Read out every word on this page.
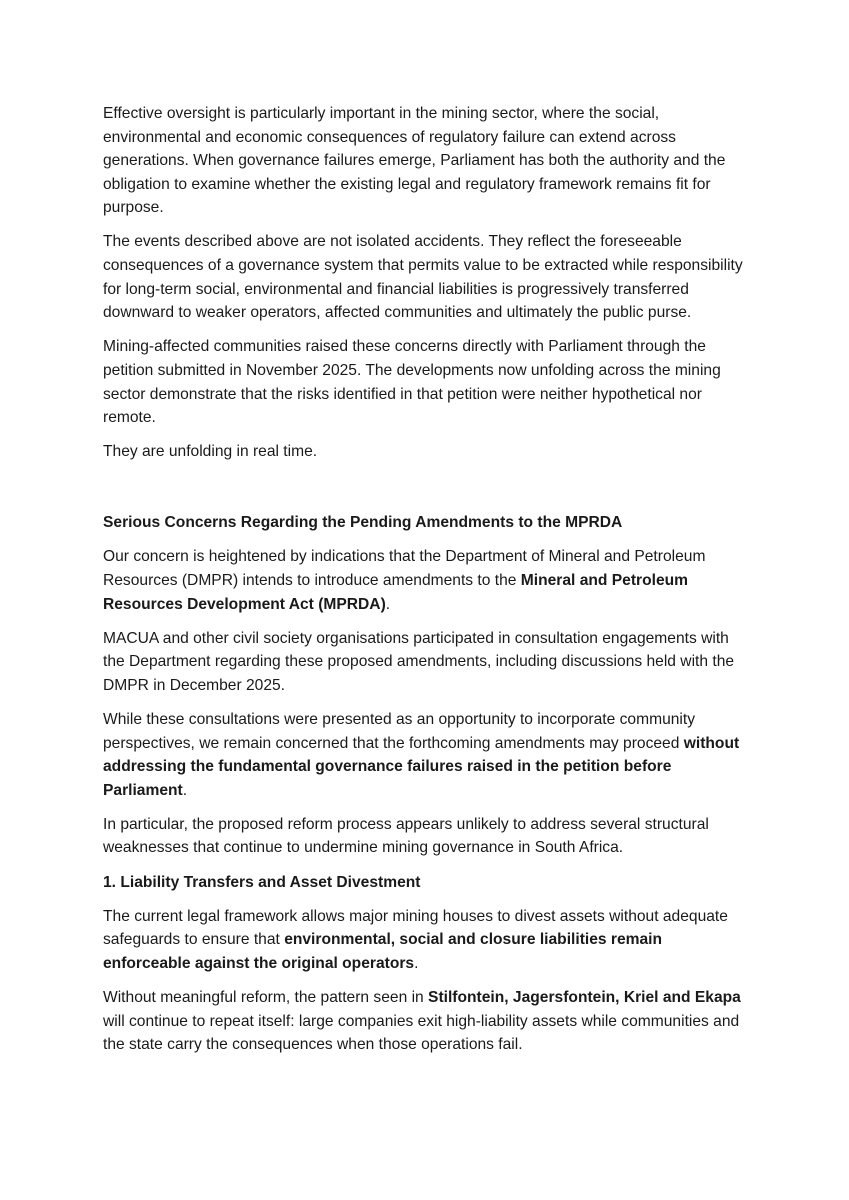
Effective oversight is particularly important in the mining sector, where the social, environmental and economic consequences of regulatory failure can extend across generations. When governance failures emerge, Parliament has both the authority and the obligation to examine whether the existing legal and regulatory framework remains fit for purpose.

The events described above are not isolated accidents. They reflect the foreseeable consequences of a governance system that permits value to be extracted while responsibility for long-term social, environmental and financial liabilities is progressively transferred downward to weaker operators, affected communities and ultimately the public purse.

Mining-affected communities raised these concerns directly with Parliament through the petition submitted in November 2025. The developments now unfolding across the mining sector demonstrate that the risks identified in that petition were neither hypothetical nor remote.

They are unfolding in real time.

Serious Concerns Regarding the Pending Amendments to the MPRDA

Our concern is heightened by indications that the Department of Mineral and Petroleum Resources (DMPR) intends to introduce amendments to the Mineral and Petroleum Resources Development Act (MPRDA).

MACUA and other civil society organisations participated in consultation engagements with the Department regarding these proposed amendments, including discussions held with the DMPR in December 2025.

While these consultations were presented as an opportunity to incorporate community perspectives, we remain concerned that the forthcoming amendments may proceed without addressing the fundamental governance failures raised in the petition before Parliament.

In particular, the proposed reform process appears unlikely to address several structural weaknesses that continue to undermine mining governance in South Africa.

1. Liability Transfers and Asset Divestment

The current legal framework allows major mining houses to divest assets without adequate safeguards to ensure that environmental, social and closure liabilities remain enforceable against the original operators.

Without meaningful reform, the pattern seen in Stilfontein, Jagersfontein, Kriel and Ekapa will continue to repeat itself: large companies exit high-liability assets while communities and the state carry the consequences when those operations fail.
